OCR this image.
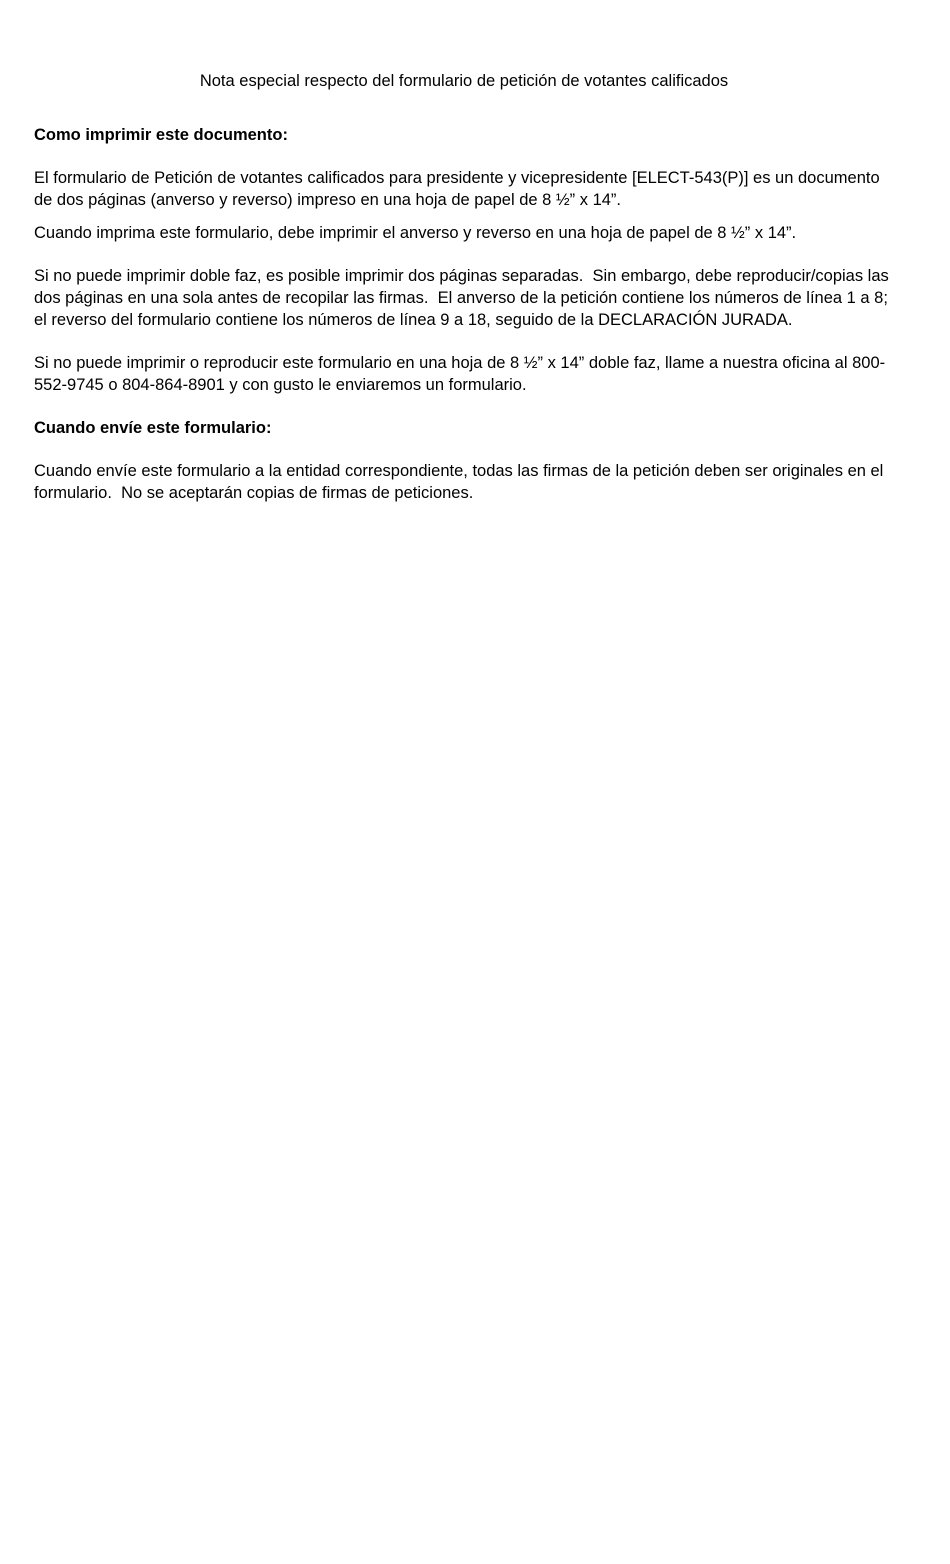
Nota especial respecto del formulario de petición de votantes calificados
Como imprimir este documento:
El formulario de Petición de votantes calificados para presidente y vicepresidente [ELECT-543(P)] es un documento de dos páginas (anverso y reverso) impreso en una hoja de papel de 8 ½” x 14”.
Cuando imprima este formulario, debe imprimir el anverso y reverso en una hoja de papel de 8 ½” x 14”.
Si no puede imprimir doble faz, es posible imprimir dos páginas separadas.  Sin embargo, debe reproducir/copias las dos páginas en una sola antes de recopilar las firmas.  El anverso de la petición contiene los números de línea 1 a 8; el reverso del formulario contiene los números de línea 9 a 18, seguido de la DECLARACIÓN JURADA.
Si no puede imprimir o reproducir este formulario en una hoja de 8 ½” x 14” doble faz, llame a nuestra oficina al 800-552-9745 o 804-864-8901 y con gusto le enviaremos un formulario.
Cuando envíe este formulario:
Cuando envíe este formulario a la entidad correspondiente, todas las firmas de la petición deben ser originales en el formulario.  No se aceptarán copias de firmas de peticiones.
